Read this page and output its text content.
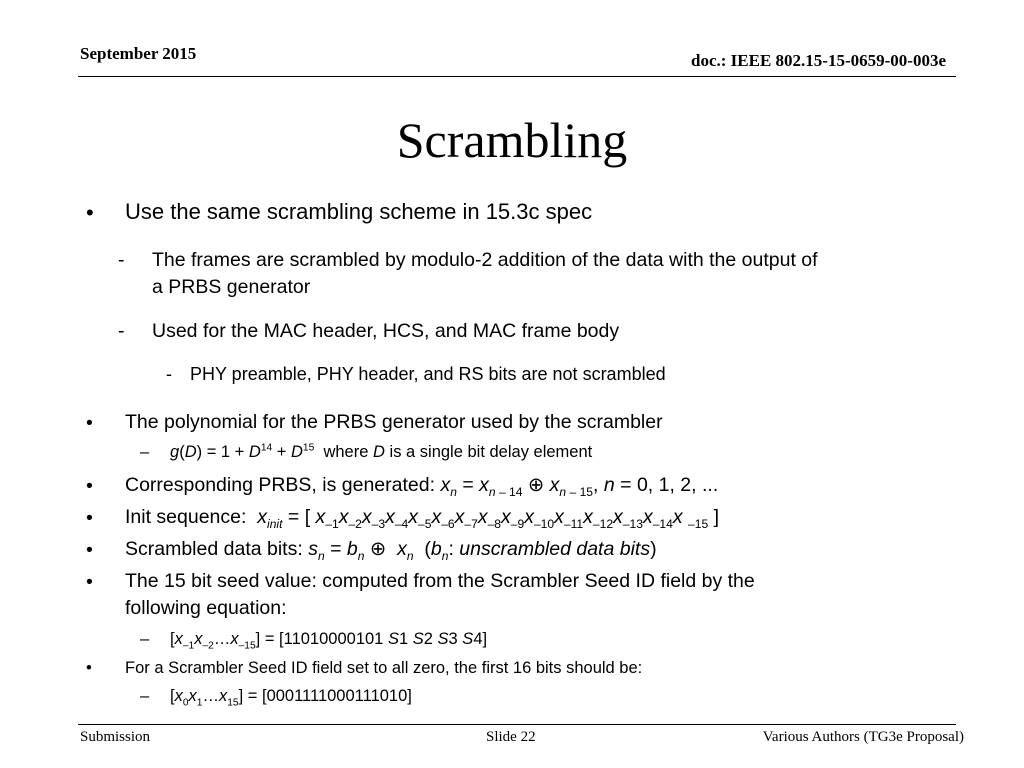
September 2015	doc.: IEEE 802.15-15-0659-00-003e
Scrambling
• Use the same scrambling scheme in 15.3c spec
- The frames are scrambled by modulo-2 addition of the data with the output of
a PRBS generator
- Used for the MAC header, HCS, and MAC frame body
- PHY preamble, PHY header, and RS bits are not scrambled
• The polynomial for the PRBS generator used by the scrambler
– $g(D) = 1 + D^{14} + D^{15}$ where D is a single bit delay element
• Corresponding PRBS, is generated: $x_n = x_{n - 14}$ ⊕ $x_{n - 15}$, n = 0, 1, 2, ...
• Init sequence: $x_{init}$ = [ $x_{-1}x_{-2}x_{-3}x_{-4}x_{-5}x_{-6}x_{-7}x_{-8}x_{-9}x_{-10}x_{-11}x_{-12}x_{-13}x_{-14}x$ $_{-15}$ ]
• Scrambled data bits: $s_n = b_n$ ⊕  $x_n$  ($b_n$: unscrambled data bits)
• The 15 bit seed value: computed from the Scrambler Seed ID field by the
following equation:
– $[x_{-1}x_{-2}\dots x_{-15}] = [11010000101$ S1 S2 S3 S4]
• For a Scrambler Seed ID field set to all zero, the first 16 bits should be:
– $[x_0x_1\dots x_{15}] = [0001111000111010]$
Submission	Slide 22	Various Authors (TG3e Proposal)
